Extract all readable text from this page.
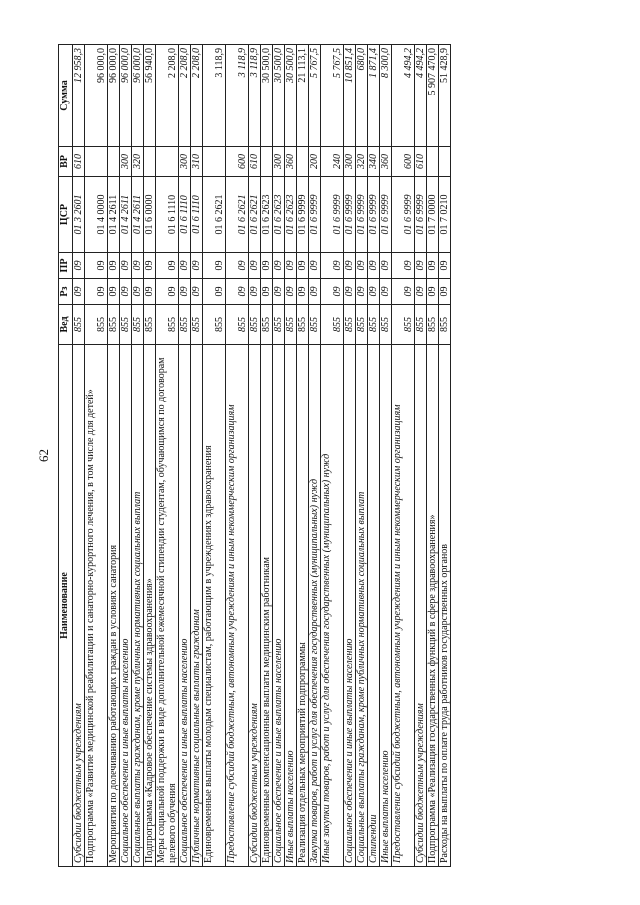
62
Наименование	Вед	Рз	ПР	ЦСР	ВР	Сумма
Субсидии бюджетным учреждениям	855	09	09	01 3 2601	610	12 958,3
Подпрограмма «Развитие медицинской реабилитации и санаторно-курортного лечения, в том числе для детей»	855	09	09	01 4 0000		96 000,0
Мероприятия по долечиванию работающих граждан в условиях санатория	855	09	09	01 4 2611		96 000,0
Социальное обеспечение и иные выплаты населению	855	09	09	01 4 2611	300	96 000,0
Социальные выплаты гражданам, кроме публичных нормативных социальных выплат	855	09	09	01 4 2611	320	96 000,0
Подпрограмма «Кадровое обеспечение системы здравоохранения»	855	09	09	01 6 0000		56 940,0
Меры социальной поддержки в виде дополнительной ежемесячной стипендии студентам, обучающимся по договорам целевого обучения	855	09	09	01 6 1110		2 208,0
Социальное обеспечение и иные выплаты населению	855	09	09	01 6 1110	300	2 208,0
Публичные нормативные социальные выплаты гражданам	855	09	09	01 6 1110	310	2 208,0
Единовременные выплаты молодым специалистам, работающим в учреждениях здравоохранения	855	09	09	01 6 2621		3 118,9
Предоставление субсидий бюджетным, автономным учреждениям и иным некоммерческим организациям	855	09	09	01 6 2621	600	3 118,9
Субсидии бюджетным учреждениям	855	09	09	01 6 2621	610	3 118,9
Единовременные компенсационные выплаты медицинским работникам	855	09	09	01 6 2623		30 500,0
Социальное обеспечение и иные выплаты населению	855	09	09	01 6 2623	300	30 500,0
Иные выплаты населению	855	09	09	01 6 2623	360	30 500,0
Реализация отдельных мероприятий подпрограммы	855	09	09	01 6 9999		21 113,1
Закупка товаров, работ и услуг для обеспечения государственных (муниципальных) нужд	855	09	09	01 6 9999	200	5 767,5
Иные закупки товаров, работ и услуг для обеспечения государственных (муниципальных) нужд	855	09	09	01 6 9999	240	5 767,5
Социальное обеспечение и иные выплаты населению	855	09	09	01 6 9999	300	10 851,4
Социальные выплаты гражданам, кроме публичных нормативных социальных выплат	855	09	09	01 6 9999	320	680,0
Стипендии	855	09	09	01 6 9999	340	1 871,4
Иные выплаты населению	855	09	09	01 6 9999	360	8 300,0
Предоставление субсидий бюджетным, автономным учреждениям и иным некоммерческим организациям	855	09	09	01 6 9999	600	4 494,2
Субсидии бюджетным учреждениям	855	09	09	01 6 9999	610	4 494,2
Подпрограмма «Реализация государственных функций в сфере здравоохранения»	855	09	09	01 7 0000		5 907 470,0
Расходы на выплаты по оплате труда работников государственных органов	855	09	09	01 7 0210		51 428,9
